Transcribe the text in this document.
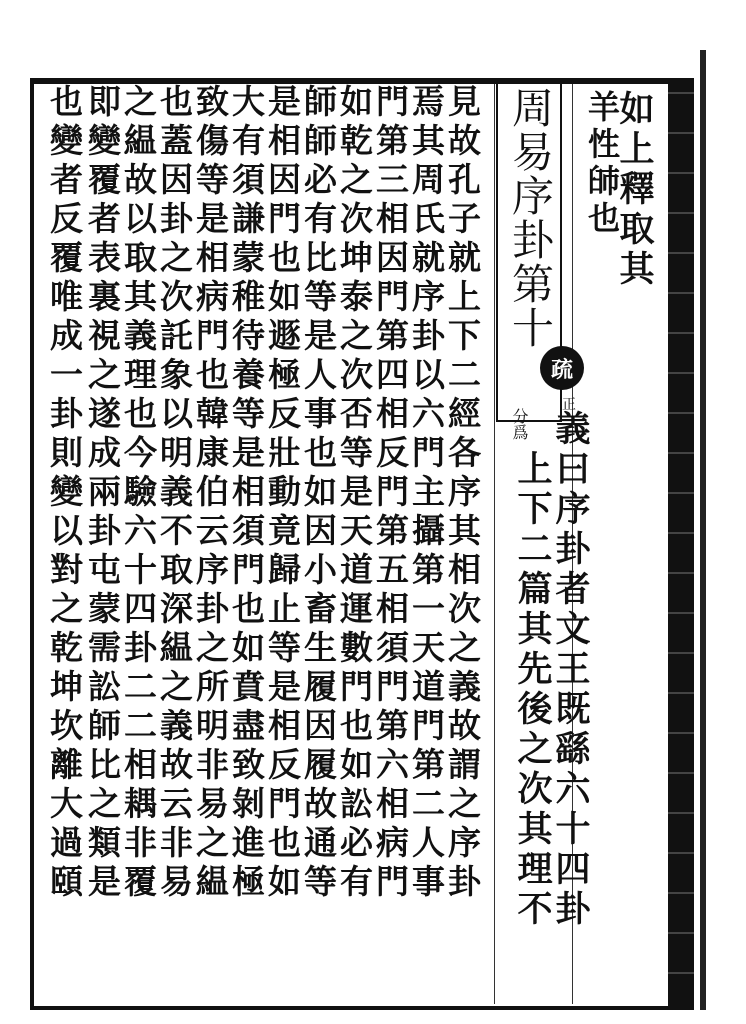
如上釋取其
羊性䑔也
周易序卦第十
疏
正
分爲 義曰序卦者文王既繇六十四卦
上下二篇其先後之次其理不
見故孔子就上下二經各序其相次之義故謂之序卦
焉其周氏就序卦以六門主攝第一天道門第二人事
門第三相因門第四相反門第五相須門第六相病門
如乾之次坤泰之次否等是天道運數門也如訟必有
師師必有比等是人事也如因小畜生履因履故通等
是相因門也如遯極反壯動竟歸止等是相反門也如
大有須謙蒙稚待養等是相須門也如賁盡致剝進極
致傷等是相病門也韓康伯云序卦之所明非易之緼
也蓋因卦之次託象以明義不取深緼之義故云非易
之緼故以取其義理也今驗六十四卦二二相耦非覆
即變覆者表裏視之遂成兩卦屯蒙需訟師比之類是
也變者反覆唯成一卦則變以對之乾坤坎離大過頤
